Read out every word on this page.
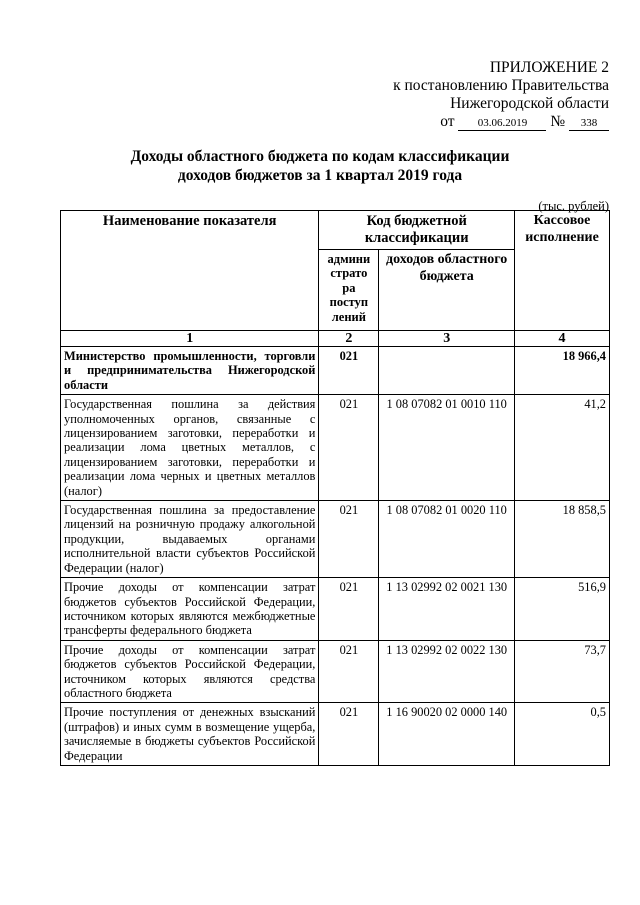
ПРИЛОЖЕНИЕ 2
к постановлению Правительства
Нижегородской области
от 03.06.2019 № 338
Доходы областного бюджета по кодам классификации
доходов бюджетов за 1 квартал 2019 года
(тыс. рублей)
Наименование показателя	Код бюджетной классификации		Кассовое исполнение
	админи страто ра поступ лений	доходов областного бюджета	
1	2	3	4
Министерство промышленности, торговли и предпринимательства Нижегородской области	021		18 966,4
Государственная пошлина за действия уполномоченных органов, связанные с лицензированием заготовки, переработки и реализации лома цветных металлов, с лицензированием заготовки, переработки и реализации лома черных и цветных металлов (налог)	021	1 08 07082 01 0010 110	41,2
Государственная пошлина за предоставление лицензий на розничную продажу алкогольной продукции, выдаваемых органами исполнительной власти субъектов Российской Федерации (налог)	021	1 08 07082 01 0020 110	18 858,5
Прочие доходы от компенсации затрат бюджетов субъектов Российской Федерации, источником которых являются межбюджетные трансферты федерального бюджета	021	1 13 02992 02 0021 130	516,9
Прочие доходы от компенсации затрат бюджетов субъектов Российской Федерации, источником которых являются средства областного бюджета	021	1 13 02992 02 0022 130	73,7
Прочие поступления от денежных взысканий (штрафов) и иных сумм в возмещение ущерба, зачисляемые в бюджеты субъектов Российской Федерации	021	1 16 90020 02 0000 140	0,5
